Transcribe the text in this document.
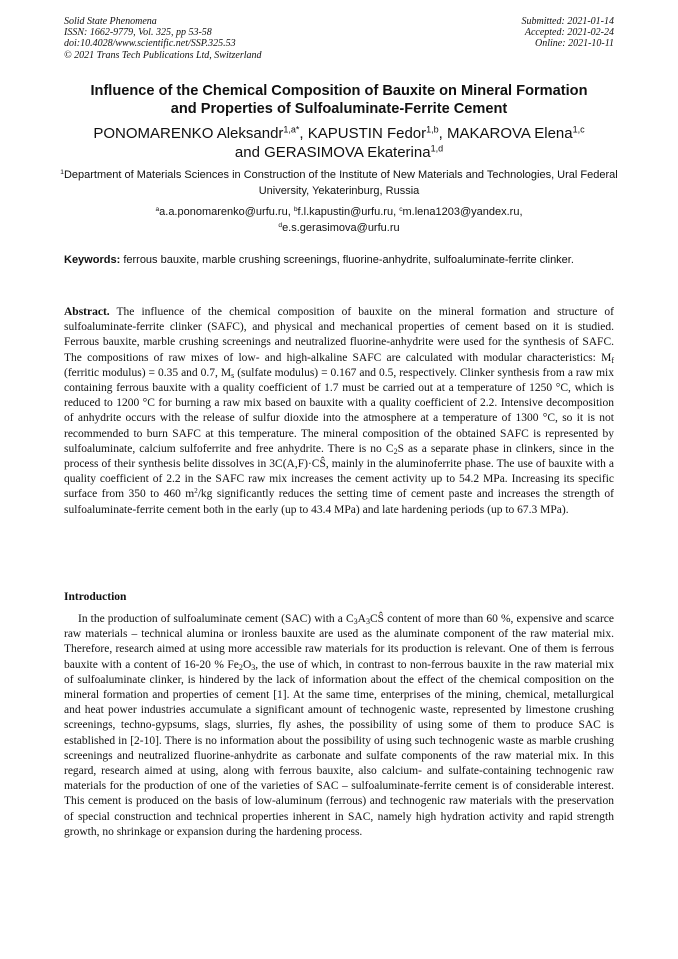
Solid State Phenomena
ISSN: 1662-9779, Vol. 325, pp 53-58
doi:10.4028/www.scientific.net/SSP.325.53
© 2021 Trans Tech Publications Ltd, Switzerland
Submitted: 2021-01-14
Accepted: 2021-02-24
Online: 2021-10-11
Influence of the Chemical Composition of Bauxite on Mineral Formation
and Properties of Sulfoaluminate-Ferrite Cement
PONOMARENKO Aleksandr$^{1,a*}$, KAPUSTIN Fedor$^{1,b}$, MAKAROVA Elena$^{1,c}$
and GERASIMOVA Ekaterina$^{1,d}$
$^1$Department of Materials Sciences in Construction of the Institute of New Materials and Technologies, Ural Federal University, Yekaterinburg, Russia
$^a$a.a.ponomarenko@urfu.ru, $^b$f.l.kapustin@urfu.ru, $^c$m.lena1203@yandex.ru,
$^d$e.s.gerasimova@urfu.ru
Keywords: ferrous bauxite, marble crushing screenings, fluorine-anhydrite, sulfoaluminate-ferrite clinker.
Abstract. The influence of the chemical composition of bauxite on the mineral formation and structure of sulfoaluminate-ferrite clinker (SAFC), and physical and mechanical properties of cement based on it is studied. Ferrous bauxite, marble crushing screenings and neutralized fluorine-anhydrite were used for the synthesis of SAFC. The compositions of raw mixes of low- and high-alkaline SAFC are calculated with modular characteristics: $M_f$ (ferritic modulus) = 0.35 and 0.7, $M_s$ (sulfate modulus) = 0.167 and 0.5, respectively. Clinker synthesis from a raw mix containing ferrous bauxite with a quality coefficient of 1.7 must be carried out at a temperature of 1250 °C, which is reduced to 1200 °C for burning a raw mix based on bauxite with a quality coefficient of 2.2. Intensive decomposition of anhydrite occurs with the release of sulfur dioxide into the atmosphere at a temperature of 1300 °C, so it is not recommended to burn SAFC at this temperature. The mineral composition of the obtained SAFC is represented by sulfoaluminate, calcium sulfoferrite and free anhydrite. There is no $C_2S$ as a separate phase in clinkers, since in the process of their synthesis belite dissolves in 3C(A,F)·CŜ, mainly in the aluminoferrite phase. The use of bauxite with a quality coefficient of 2.2 in the SAFC raw mix increases the cement activity up to 54.2 MPa. Increasing its specific surface from 350 to 460 $m^2/kg$ significantly reduces the setting time of cement paste and increases the strength of sulfoaluminate-ferrite cement both in the early (up to 43.4 MPa) and late hardening periods (up to 67.3 MPa).
Introduction
In the production of sulfoaluminate cement (SAC) with a $C_3A_3CŜ$ content of more than 60 %, expensive and scarce raw materials – technical alumina or ironless bauxite are used as the aluminate component of the raw material mix. Therefore, research aimed at using more accessible raw materials for its production is relevant. One of them is ferrous bauxite with a content of 16-20 % $Fe_2O_3$, the use of which, in contrast to non-ferrous bauxite in the raw material mix of sulfoaluminate clinker, is hindered by the lack of information about the effect of the chemical composition on the mineral formation and properties of cement [1]. At the same time, enterprises of the mining, chemical, metallurgical and heat power industries accumulate a significant amount of technogenic waste, represented by limestone crushing screenings, techno-gypsums, slags, slurries, fly ashes, the possibility of using some of them to produce SAC is established in [2-10]. There is no information about the possibility of using such technogenic waste as marble crushing screenings and neutralized fluorine-anhydrite as carbonate and sulfate components of the raw material mix. In this regard, research aimed at using, along with ferrous bauxite, also calcium- and sulfate-containing technogenic raw materials for the production of one of the varieties of SAC – sulfoaluminate-ferrite cement is of considerable interest. This cement is produced on the basis of low-aluminum (ferrous) and technogenic raw materials with the preservation of special construction and technical properties inherent in SAC, namely high hydration activity and rapid strength growth, no shrinkage or expansion during the hardening process.
